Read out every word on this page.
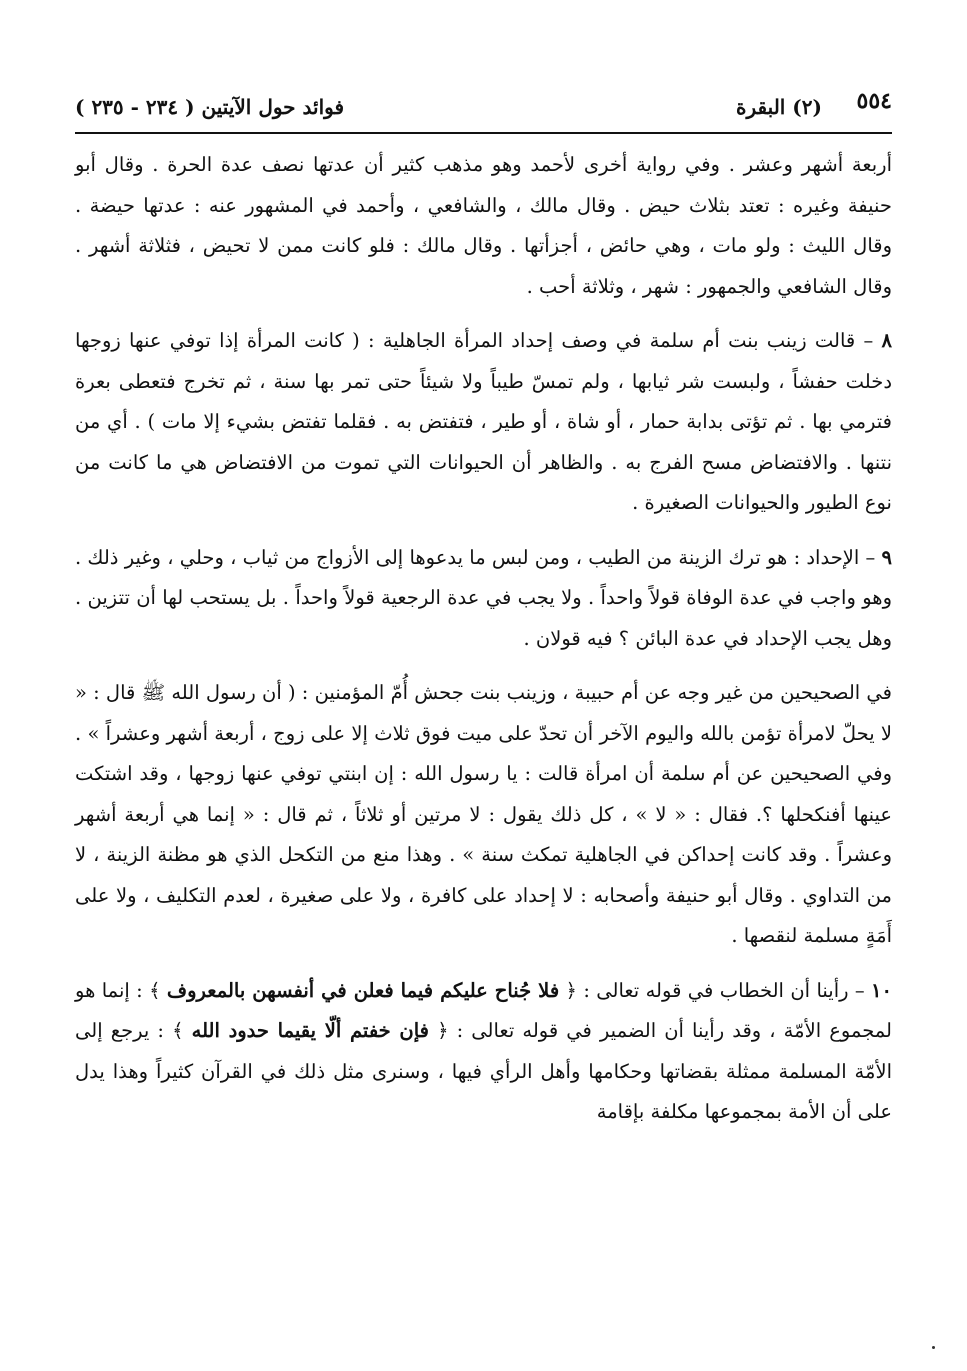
٥٥٤
(٢) البقرة
فوائد حول الآيتين ( ٢٣٤ - ٢٣٥ )

أربعة أشهر وعشر . وفي رواية أخرى لأحمد وهو مذهب كثير أن عدتها نصف عدة الحرة . وقال أبو حنيفة وغيره : تعتد بثلاث حيض . وقال مالك ، والشافعي ، وأحمد في المشهور عنه : عدتها حيضة . وقال الليث : ولو مات ، وهي حائض ، أجزأتها . وقال مالك : فلو كانت ممن لا تحيض ، فثلاثة أشهر . وقال الشافعي والجمهور : شهر ، وثلاثة أحب .

٨ – قالت زينب بنت أم سلمة في وصف إحداد المرأة الجاهلية : ( كانت المرأة إذا توفي عنها زوجها دخلت حفشاً ، ولبست شر ثيابها ، ولم تمسّ طيباً ولا شيئاً حتى تمر بها سنة ، ثم تخرج فتعطى بعرة فترمي بها . ثم تؤتى بدابة حمار ، أو شاة ، أو طير ، فتفتض به . فقلما تفتض بشيء إلا مات ) . أي من نتنها . والافتضاض مسح الفرج به . والظاهر أن الحيوانات التي تموت من الافتضاض هي ما كانت من نوع الطيور والحيوانات الصغيرة .

٩ – الإحداد : هو ترك الزينة من الطيب ، ومن لبس ما يدعوها إلى الأزواج من ثياب ، وحلي ، وغير ذلك . وهو واجب في عدة الوفاة قولاً واحداً . ولا يجب في عدة الرجعية قولاً واحداً . بل يستحب لها أن تتزين . وهل يجب الإحداد في عدة البائن ؟ فيه قولان .

في الصحيحين من غير وجه عن أم حبيبة ، وزينب بنت جحش أُمّ المؤمنين : ( أن رسول الله ﷺ قال : « لا يحلّ لامرأة تؤمن بالله واليوم الآخر أن تحدّ على ميت فوق ثلاث إلا على زوج ، أربعة أشهر وعشراً » . وفي الصحيحين عن أم سلمة أن امرأة قالت : يا رسول الله : إن ابنتي توفي عنها زوجها ، وقد اشتكت عينها أفنكحلها ؟. فقال : « لا » ، كل ذلك يقول : لا مرتين أو ثلاثاً ، ثم قال : « إنما هي أربعة أشهر وعشراً . وقد كانت إحداكن في الجاهلية تمكث سنة » . وهذا منع من التكحل الذي هو مظنة الزينة ، لا من التداوي . وقال أبو حنيفة وأصحابه : لا إحداد على كافرة ، ولا على صغيرة ، لعدم التكليف ، ولا على أَمَةٍ مسلمة لنقصها .

١٠ – رأينا أن الخطاب في قوله تعالى : ﴿ فلا جُناح عليكم فيما فعلن في أنفسهن بالمعروف ﴾ : إنما هو لمجموع الأمّة ، وقد رأينا أن الضمير في قوله تعالى : ﴿ فإن خفتم ألّا يقيما حدود الله ﴾ : يرجع إلى الأمّة المسلمة ممثلة بقضاتها وحكامها وأهل الرأي فيها ، وسنرى مثل ذلك في القرآن كثيراً وهذا يدل على أن الأمة بمجموعها مكلفة بإقامة
